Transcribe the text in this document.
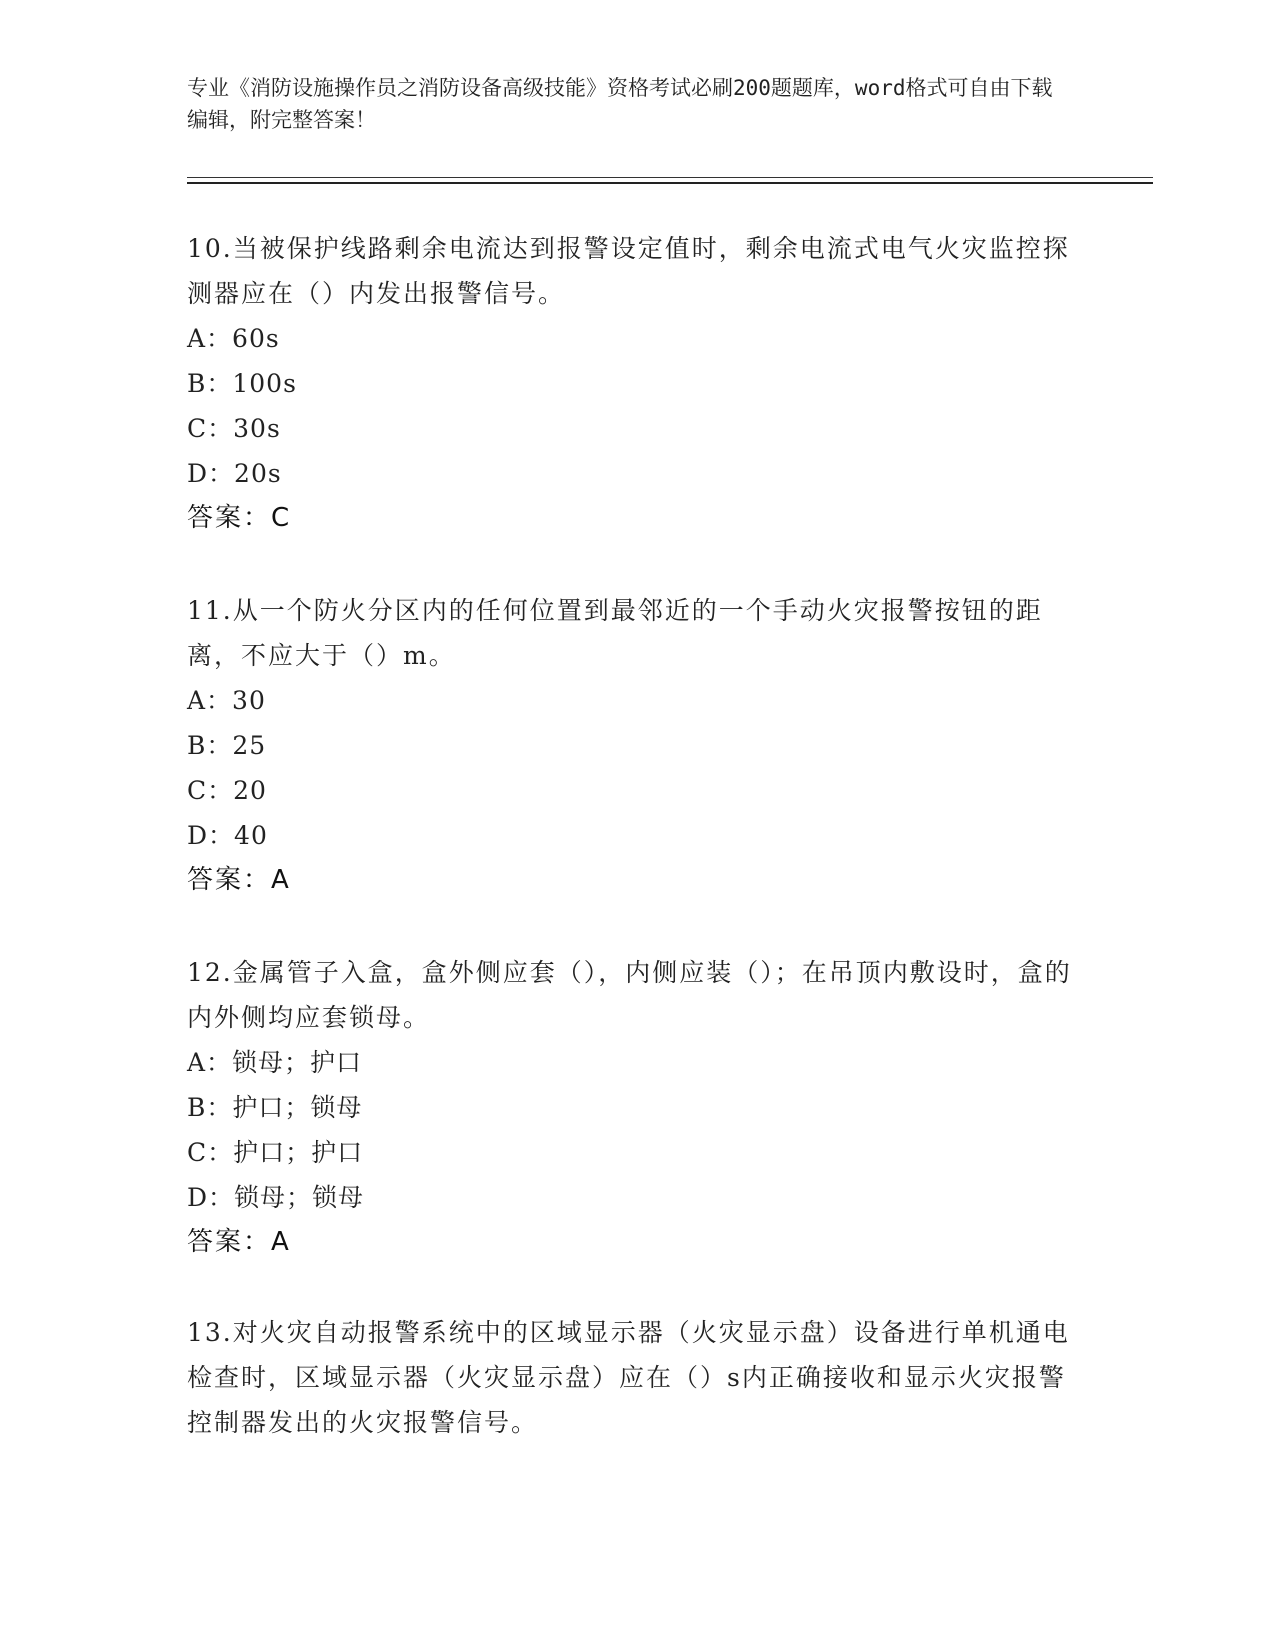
专业《消防设施操作员之消防设备高级技能》资格考试必刷200题题库，word格式可自由下载编辑，附完整答案！

10.当被保护线路剩余电流达到报警设定值时，剩余电流式电气火灾监控探测器应在（）内发出报警信号。

A：60s

B：100s

C：30s

D：20s

答案：C

11.从一个防火分区内的任何位置到最邻近的一个手动火灾报警按钮的距离，不应大于（）m。

A：30

B：25

C：20

D：40

答案：A

12.金属管子入盒，盒外侧应套（），内侧应装（）；在吊顶内敷设时，盒的内外侧均应套锁母。

A：锁母；护口

B：护口；锁母

C：护口；护口

D：锁母；锁母

答案：A

13.对火灾自动报警系统中的区域显示器（火灾显示盘）设备进行单机通电检查时，区域显示器（火灾显示盘）应在（）s内正确接收和显示火灾报警控制器发出的火灾报警信号。
